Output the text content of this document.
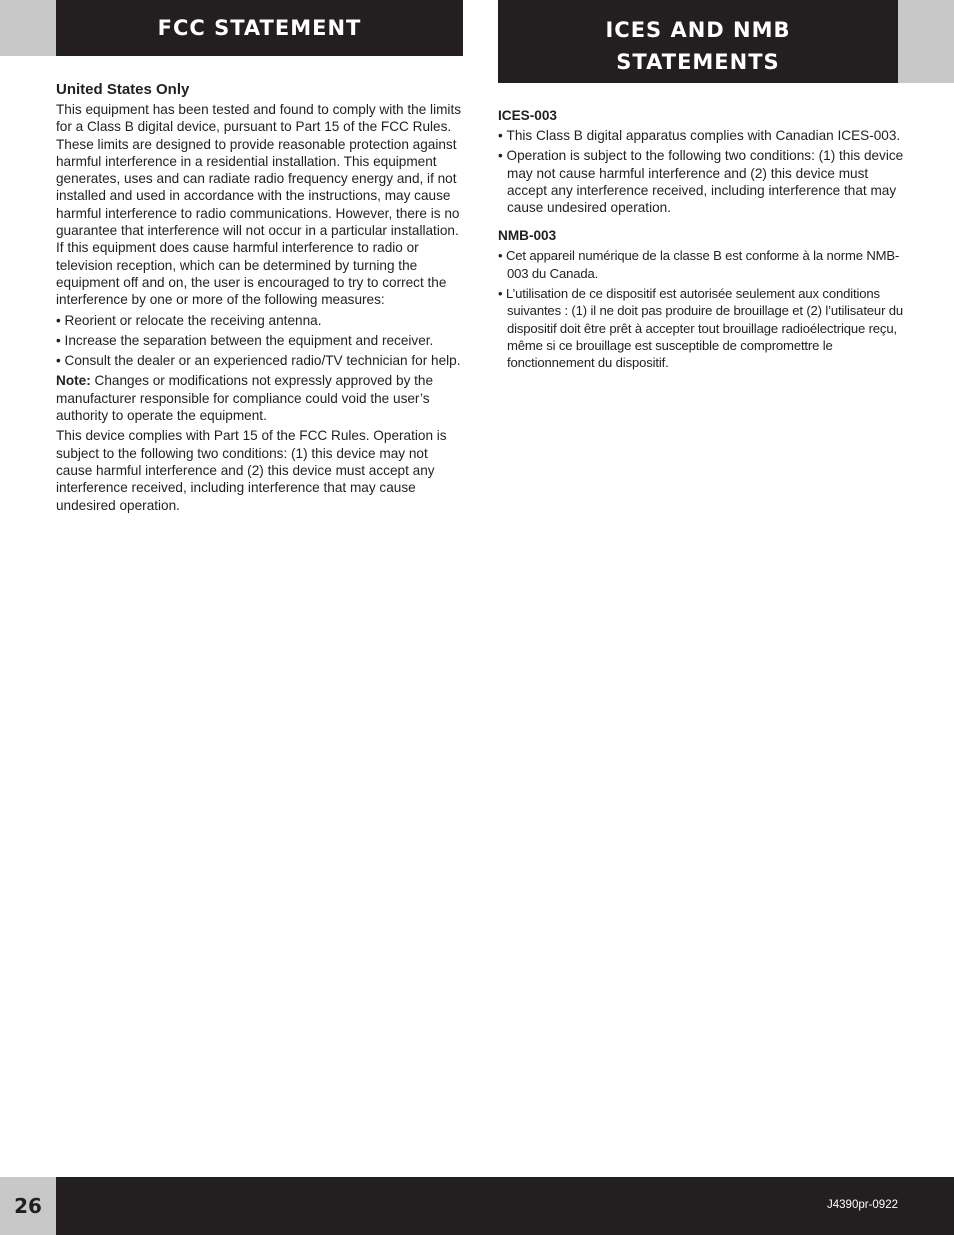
FCC STATEMENT	ICES AND NMB
STATEMENTS
United States Only

This equipment has been tested and found to comply with the limits for a Class B digital device, pursuant to Part 15 of the FCC Rules. These limits are designed to provide reasonable protection against harmful interference in a residential installation. This equipment generates, uses and can radiate radio frequency energy and, if not installed and used in accordance with the instructions, may cause harmful interference to radio communications. However, there is no guarantee that interference will not occur in a particular installation. If this equipment does cause harmful interference to radio or television reception, which can be determined by turning the equipment off and on, the user is encouraged to try to correct the interference by one or more of the following measures:

• Reorient or relocate the receiving antenna.
• Increase the separation between the equipment and receiver.
• Consult the dealer or an experienced radio/TV technician for help.

Note: Changes or modifications not expressly approved by the manufacturer responsible for compliance could void the user’s authority to operate the equipment.

This device complies with Part 15 of the FCC Rules. Operation is subject to the following two conditions: (1) this device may not cause harmful interference and (2) this device must accept any interference received, including interference that may cause undesired operation.

ICES-003
• This Class B digital apparatus complies with Canadian ICES-003.
• Operation is subject to the following two conditions: (1) this device may not cause harmful interference and (2) this device must accept any interference received, including interference that may cause undesired operation.
NMB-003
• Cet appareil numérique de la classe B est conforme à la norme NMB-003 du Canada.
• L’utilisation de ce dispositif est autorisée seulement aux conditions suivantes : (1) il ne doit pas produire de brouillage et (2) l’utilisateur du dispositif doit être prêt à accepter tout brouillage radioélectrique reçu, même si ce brouillage est susceptible de compromettre le fonctionnement du dispositif.
26	J4390pr-0922
